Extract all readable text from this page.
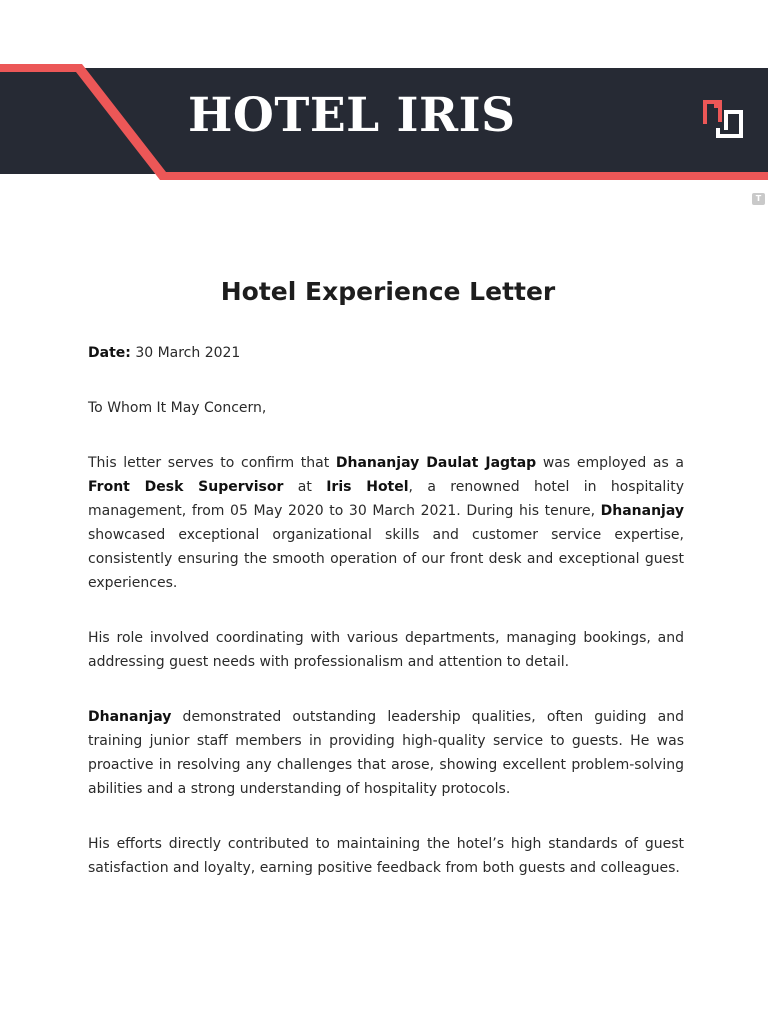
HOTEL IRIS
T
Hotel Experience Letter

Date: 30 March 2021

To Whom It May Concern,

This letter serves to confirm that Dhananjay Daulat Jagtap was employed as a Front Desk Supervisor at Iris Hotel, a renowned hotel in hospitality management, from 05 May 2020 to 30 March 2021. During his tenure, Dhananjay showcased exceptional organizational skills and customer service expertise, consistently ensuring the smooth operation of our front desk and exceptional guest experiences.

His role involved coordinating with various departments, managing bookings, and addressing guest needs with professionalism and attention to detail.

Dhananjay demonstrated outstanding leadership qualities, often guiding and training junior staff members in providing high-quality service to guests. He was proactive in resolving any challenges that arose, showing excellent problem-solving abilities and a strong understanding of hospitality protocols.

His efforts directly contributed to maintaining the hotel’s high standards of guest satisfaction and loyalty, earning positive feedback from both guests and colleagues.
